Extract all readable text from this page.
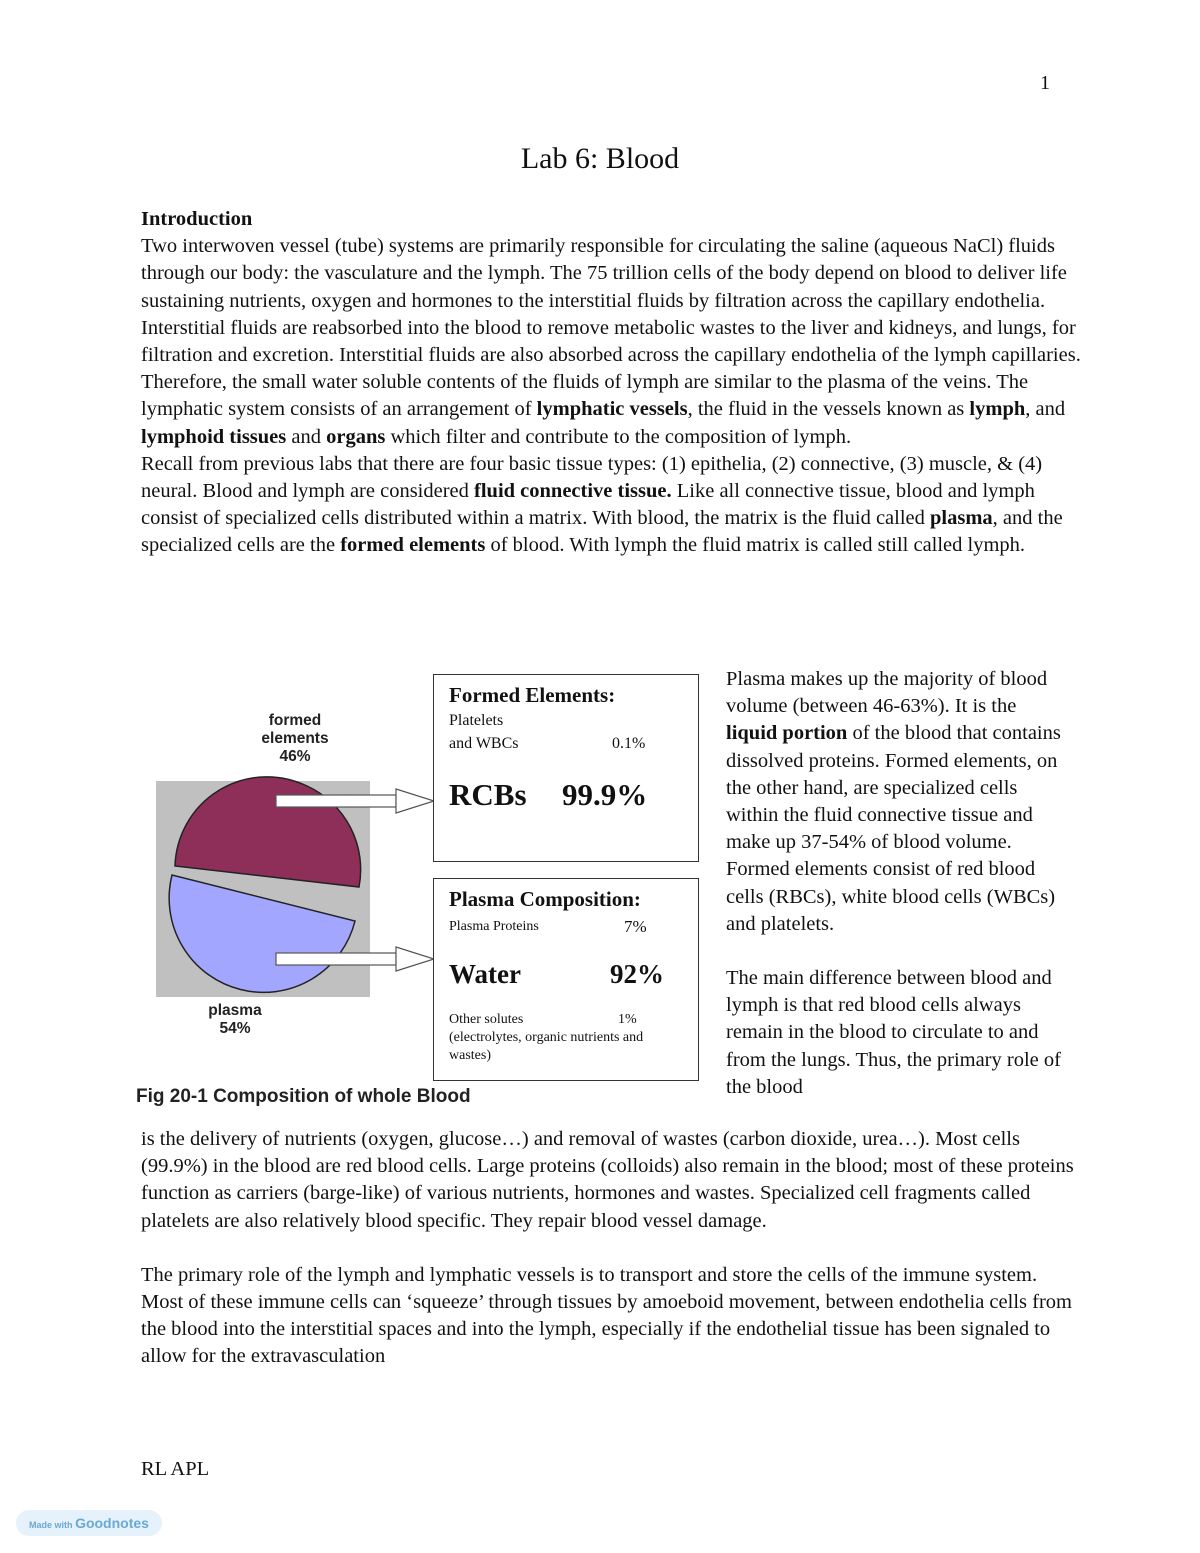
1
Lab 6: Blood

Introduction

Two interwoven vessel (tube) systems are primarily responsible for circulating the saline (aqueous NaCl) fluids through our body: the vasculature and the lymph. The 75 trillion cells of the body depend on blood to deliver life sustaining nutrients, oxygen and hormones to the interstitial fluids by filtration across the capillary endothelia. Interstitial fluids are reabsorbed into the blood to remove metabolic wastes to the liver and kidneys, and lungs, for filtration and excretion. Interstitial fluids are also absorbed across the capillary endothelia of the lymph capillaries. Therefore, the small water soluble contents of the fluids of lymph are similar to the plasma of the veins. The lymphatic system consists of an arrangement of lymphatic vessels, the fluid in the vessels known as lymph, and lymphoid tissues and organs which filter and contribute to the composition of lymph.

Recall from previous labs that there are four basic tissue types: (1) epithelia, (2) connective, (3) muscle, & (4) neural. Blood and lymph are considered fluid connective tissue. Like all connective tissue, blood and lymph consist of specialized cells distributed within a matrix. With blood, the matrix is the fluid called plasma, and the specialized cells are the formed elements of blood. With lymph the fluid matrix is called still called lymph.

formed
elements
46%
plasma
54%
Formed Elements:
Platelets
and WBCs	0.1%
RCBs 99.9%
Plasma Composition:
Plasma Proteins	7%
Water	92%
Other solutes	1%
(electrolytes, organic nutrients and
wastes)
Fig 20-1 Composition of whole Blood

Plasma makes up the majority of blood volume (between 46-63%). It is the liquid portion of the blood that contains dissolved proteins. Formed elements, on the other hand, are specialized cells within the fluid connective tissue and make up 37-54% of blood volume. Formed elements consist of red blood cells (RBCs), white blood cells (WBCs) and platelets.

The main difference between blood and lymph is that red blood cells always remain in the blood to circulate to and from the lungs. Thus, the primary role of the blood

is the delivery of nutrients (oxygen, glucose…) and removal of wastes (carbon dioxide, urea…). Most cells (99.9%) in the blood are red blood cells. Large proteins (colloids) also remain in the blood; most of these proteins function as carriers (barge-like) of various nutrients, hormones and wastes. Specialized cell fragments called platelets are also relatively blood specific. They repair blood vessel damage.

The primary role of the lymph and lymphatic vessels is to transport and store the cells of the immune system. Most of these immune cells can ‘squeeze’ through tissues by amoeboid movement, between endothelia cells from the blood into the interstitial spaces and into the lymph, especially if the endothelial tissue has been signaled to allow for the extravasculation

RL APL
Made with Goodnotes
